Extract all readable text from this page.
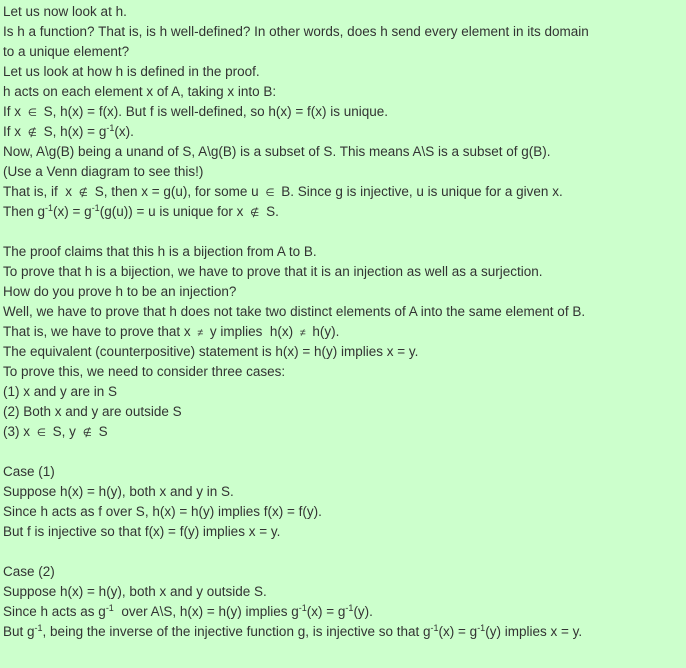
Let us now look at h.
Is h a function? That is, is h well-defined? In other words, does h send every element in its domain
to a unique element?
Let us look at how h is defined in the proof.
h acts on each element x of A, taking x into B:
If x ∈ S, h(x) = f(x). But f is well-defined, so h(x) = f(x) is unique.
If x ∉ S, $h(x) = g^{-1}(x)$.
Now, A\g(B) being a unand of S, A\g(B) is a subset of S. This means A\S is a subset of g(B).
(Use a Venn diagram to see this!)
That is, if  x ∉ S, then x = g(u), for some u ∈ B. Since g is injective, u is unique for a given x.
Then $g^{-1}(x) = g^{-1}(g(u)) = u$ is unique for x ∉ S.

The proof claims that this h is a bijection from A to B.
To prove that h is a bijection, we have to prove that it is an injection as well as a surjection.
How do you prove h to be an injection?
Well, we have to prove that h does not take two distinct elements of A into the same element of B.
That is, we have to prove that x ≠ y implies  h(x) ≠ h(y).
The equivalent (counterpositive) statement is h(x) = h(y) implies x = y.
To prove this, we need to consider three cases:
(1) x and y are in S
(2) Both x and y are outside S
(3) x ∈ S, y ∉ S

Case (1)
Suppose h(x) = h(y), both x and y in S.
Since h acts as f over S, h(x) = h(y) implies f(x) = f(y).
But f is injective so that f(x) = f(y) implies x = y.

Case (2)
Suppose h(x) = h(y), both x and y outside S.
Since h acts as $g^{-1}$  over A\S, h(x) = h(y) implies $g^{-1}(x) = g^{-1}(y)$.
But $g^{-1}$, being the inverse of the injective function g, is injective so that $g^{-1}(x) = g^{-1}(y)$ implies x = y.
